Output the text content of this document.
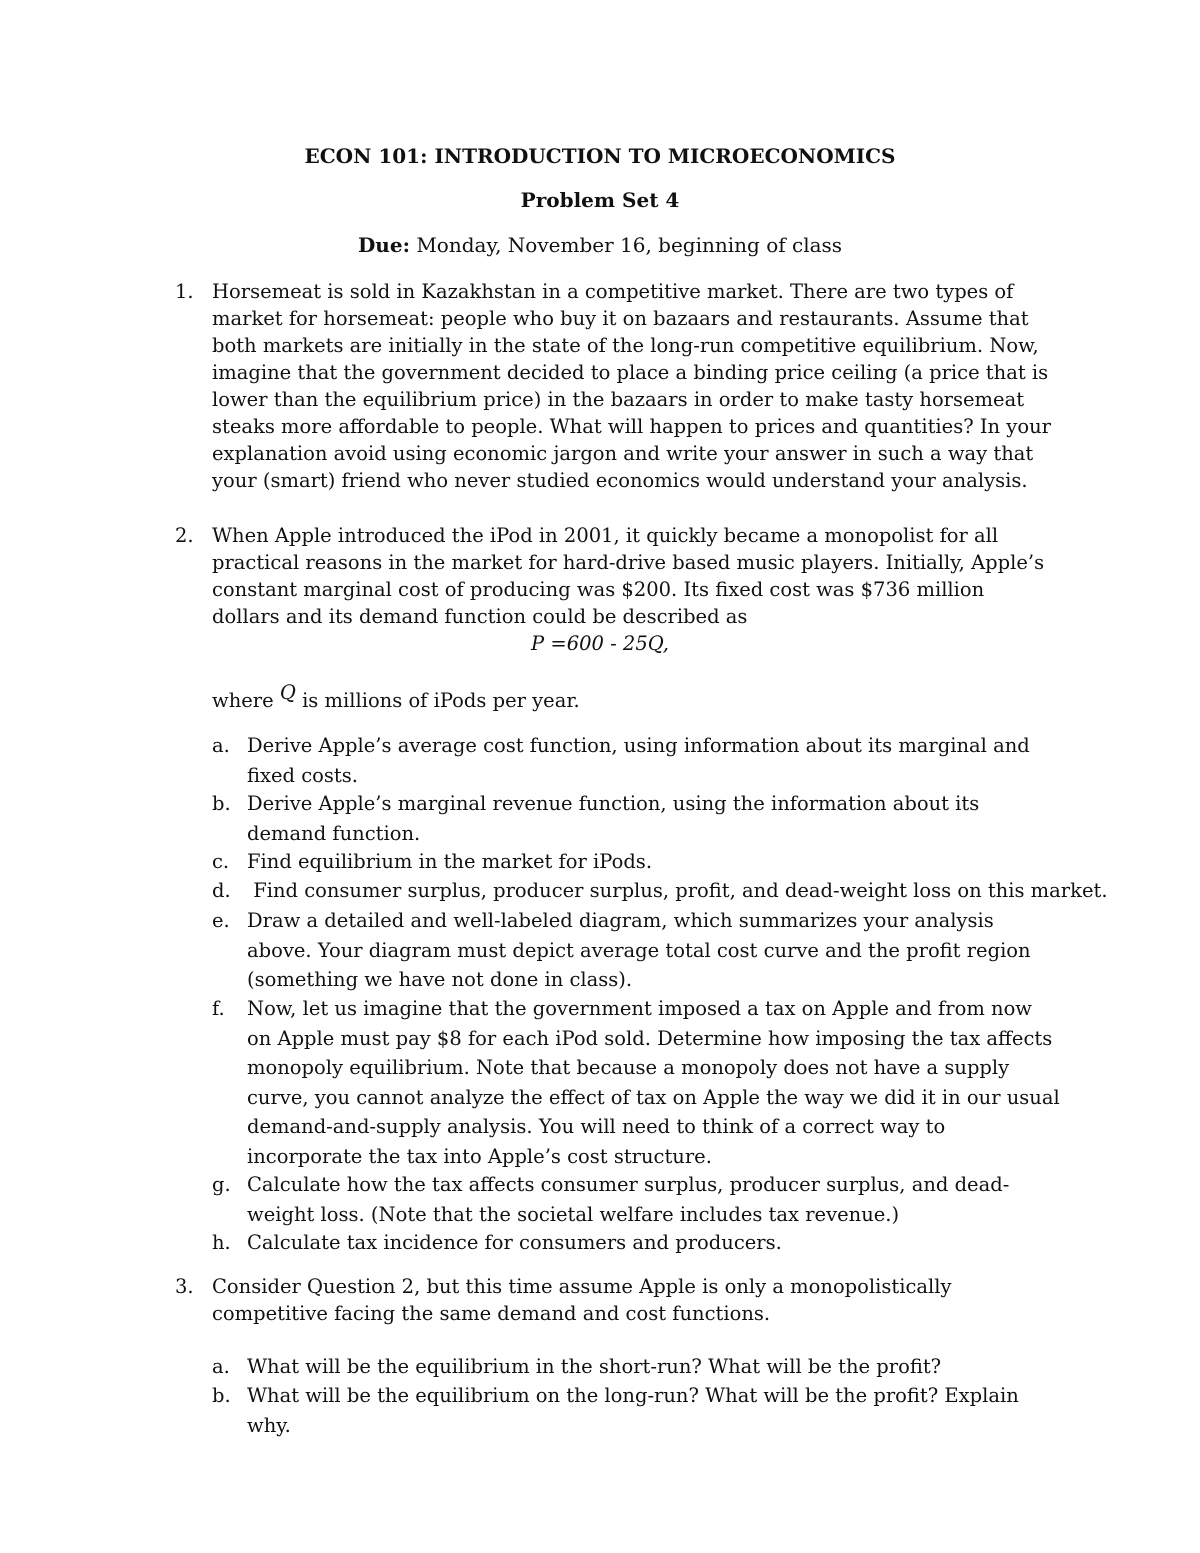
ECON 101: INTRODUCTION TO MICROECONOMICS
Problem Set 4
Due: Monday, November 16, beginning of class
1. Horsemeat is sold in Kazakhstan in a competitive market. There are two types of market for horsemeat: people who buy it on bazaars and restaurants. Assume that both markets are initially in the state of the long-run competitive equilibrium. Now, imagine that the government decided to place a binding price ceiling (a price that is lower than the equilibrium price) in the bazaars in order to make tasty horsemeat steaks more affordable to people. What will happen to prices and quantities? In your explanation avoid using economic jargon and write your answer in such a way that your (smart) friend who never studied economics would understand your analysis.
2. When Apple introduced the iPod in 2001, it quickly became a monopolist for all practical reasons in the market for hard-drive based music players. Initially, Apple’s constant marginal cost of producing was $200. Its fixed cost was $736 million dollars and its demand function could be described as
P =600 - 25Q,
where Q is millions of iPods per year.
a. Derive Apple’s average cost function, using information about its marginal and fixed costs.
b. Derive Apple’s marginal revenue function, using the information about its demand function.
c. Find equilibrium in the market for iPods.
d. Find consumer surplus, producer surplus, profit, and dead-weight loss on this market.
e. Draw a detailed and well-labeled diagram, which summarizes your analysis above. Your diagram must depict average total cost curve and the profit region (something we have not done in class).
f. Now, let us imagine that the government imposed a tax on Apple and from now on Apple must pay $8 for each iPod sold. Determine how imposing the tax affects monopoly equilibrium. Note that because a monopoly does not have a supply curve, you cannot analyze the effect of tax on Apple the way we did it in our usual demand-and-supply analysis. You will need to think of a correct way to incorporate the tax into Apple’s cost structure.
g. Calculate how the tax affects consumer surplus, producer surplus, and dead-weight loss. (Note that the societal welfare includes tax revenue.)
h. Calculate tax incidence for consumers and producers.
3. Consider Question 2, but this time assume Apple is only a monopolistically competitive facing the same demand and cost functions.
a. What will be the equilibrium in the short-run? What will be the profit?
b. What will be the equilibrium on the long-run? What will be the profit? Explain why.
